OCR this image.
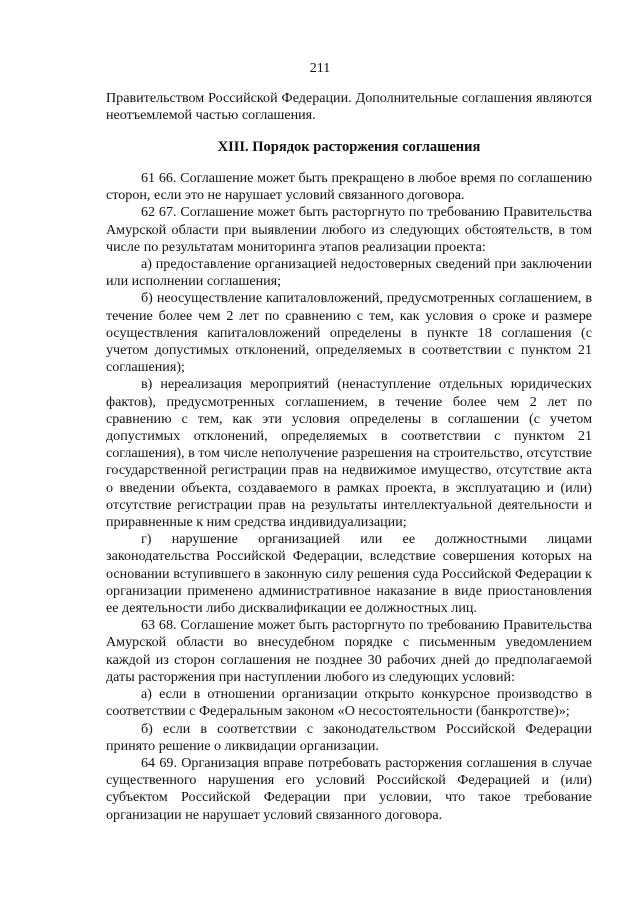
211

Правительством Российской Федерации. Дополнительные соглашения являются неотъемлемой частью соглашения.

XIII. Порядок расторжения соглашения

61 66. Соглашение может быть прекращено в любое время по соглашению сторон, если это не нарушает условий связанного договора.

62 67. Соглашение может быть расторгнуто по требованию Правительства Амурской области при выявлении любого из следующих обстоятельств, в том числе по результатам мониторинга этапов реализации проекта:

а) предоставление организацией недостоверных сведений при заключении или исполнении соглашения;

б) неосуществление капиталовложений, предусмотренных соглашением, в течение более чем 2 лет по сравнению с тем, как условия о сроке и размере осуществления капиталовложений определены в пункте 18 соглашения (с учетом допустимых отклонений, определяемых в соответствии с пунктом 21 соглашения);

в) нереализация мероприятий (ненаступление отдельных юридических фактов), предусмотренных соглашением, в течение более чем 2 лет по сравнению с тем, как эти условия определены в соглашении (с учетом допустимых отклонений, определяемых в соответствии с пунктом 21 соглашения), в том числе неполучение разрешения на строительство, отсутствие государственной регистрации прав на недвижимое имущество, отсутствие акта о введении объекта, создаваемого в рамках проекта, в эксплуатацию и (или) отсутствие регистрации прав на результаты интеллектуальной деятельности и приравненные к ним средства индивидуализации;

г) нарушение организацией или ее должностными лицами законодательства Российской Федерации, вследствие совершения которых на основании вступившего в законную силу решения суда Российской Федерации к организации применено административное наказание в виде приостановления ее деятельности либо дисквалификации ее должностных лиц.

63 68. Соглашение может быть расторгнуто по требованию Правительства Амурской области во внесудебном порядке с письменным уведомлением каждой из сторон соглашения не позднее 30 рабочих дней до предполагаемой даты расторжения при наступлении любого из следующих условий:

а) если в отношении организации открыто конкурсное производство в соответствии с Федеральным законом «О несостоятельности (банкротстве)»;

б) если в соответствии с законодательством Российской Федерации принято решение о ликвидации организации.

64 69. Организация вправе потребовать расторжения соглашения в случае существенного нарушения его условий Российской Федерацией и (или) субъектом Российской Федерации при условии, что такое требование организации не нарушает условий связанного договора.
